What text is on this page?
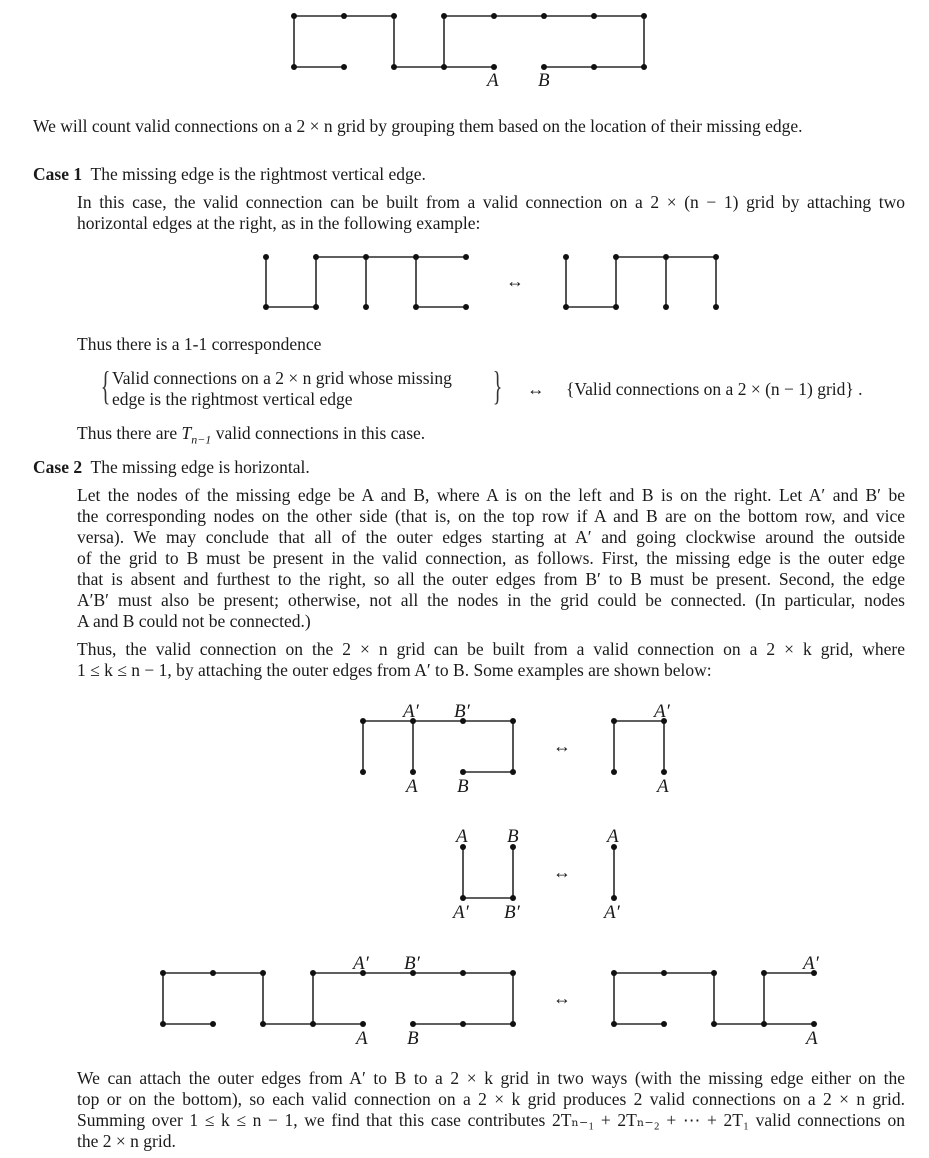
A B
↔
A′ B′
A B
↔
A′
A
A B
A′ B′
↔
A
A′
A′ B′
A B
↔
A′
A
We will count valid connections on a 2 × n grid by grouping them based on the location of their missing edge.
Case 1 The missing edge is the rightmost vertical edge.
In this case, the valid connection can be built from a valid connection on a 2 × (n − 1) grid by attaching two
horizontal edges at the right, as in the following example:
Thus there is a 1-1 correspondence
{ Valid connections on a 2 × n grid whose missing
edge is the rightmost vertical edge	} ↔ {Valid connections on a 2 × (n − 1) grid} .
Thus there are $T_{n-1}$ valid connections in this case.
Case 2 The missing edge is horizontal.
Let the nodes of the missing edge be A and B, where A is on the left and B is on the right. Let A′ and B′ be
the corresponding nodes on the other side (that is, on the top row if A and B are on the bottom row, and vice
versa). We may conclude that all of the outer edges starting at A′ and going clockwise around the outside
of the grid to B must be present in the valid connection, as follows. First, the missing edge is the outer edge
that is absent and furthest to the right, so all the outer edges from B′ to B must be present. Second, the edge
A′B′ must also be present; otherwise, not all the nodes in the grid could be connected. (In particular, nodes
A and B could not be connected.)
Thus, the valid connection on the 2 × n grid can be built from a valid connection on a 2 × k grid, where
1 ≤ k ≤ n − 1, by attaching the outer edges from A′ to B. Some examples are shown below:
We can attach the outer edges from A′ to B to a 2 × k grid in two ways (with the missing edge either on the
top or on the bottom), so each valid connection on a 2 × k grid produces 2 valid connections on a 2 × n grid.
Summing over 1 ≤ k ≤ n − 1, we find that this case contributes 2Tₙ₋₁ + 2Tₙ₋₂ + ⋯ + 2T₁ valid connections on
the 2 × n grid.
